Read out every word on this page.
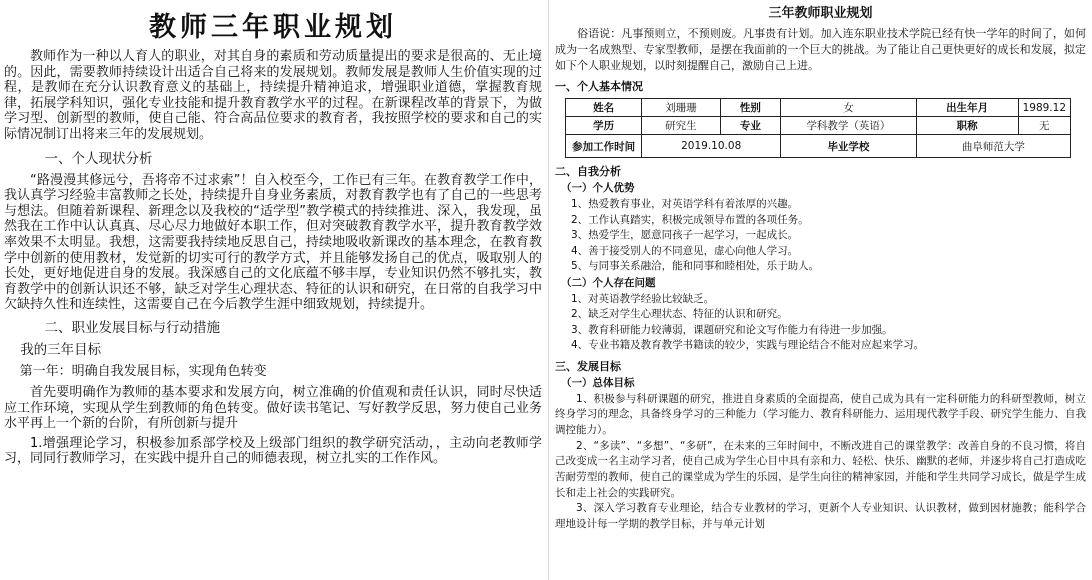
教师三年职业规划

教师作为一种以人育人的职业，对其自身的素质和劳动质量提出的要求是很高的、无止境的。因此，需要教师持续设计出适合自己将来的发展规划。教师发展是教师人生价值实现的过程，是教师在充分认识教育意义的基础上，持续提升精神追求，增强职业道德，掌握教育规律，拓展学科知识，强化专业技能和提升教育教学水平的过程。在新课程改革的背景下，为做学习型、创新型的教师，使自己能、符合高品位要求的教育者，我按照学校的要求和自己的实际情况制订出将来三年的发展规划。

一、个人现状分析

“路漫漫其修远兮，吾将帝不过求索”！自入校至今，工作已有三年。在教育教学工作中，我认真学习经验丰富教师之长处，持续提升自身业务素质，对教育教学也有了自己的一些思考与想法。但随着新课程、新理念以及我校的“适学型”教学模式的持续推进、深入，我发现，虽然我在工作中认认真真、尽心尽力地做好本职工作，但对突破教育教学水平，提升教育教学效率效果不太明显。我想，这需要我持续地反思自己，持续地吸收新课改的基本理念，在教育教学中创新的使用教材，发觉新的切实可行的教学方式，并且能够发扬自己的优点，吸取别人的长处，更好地促进自身的发展。我深感自己的文化底蕴不够丰厚，专业知识仍然不够扎实，教育教学中的创新认识还不够，缺乏对学生心理状态、特征的认识和研究，在日常的自我学习中欠缺持久性和连续性，这需要自己在今后教学生涯中细致规划，持续提升。

二、职业发展目标与行动措施
我的三年目标
第一年：明确自我发展目标，实现角色转变

首先要明确作为教师的基本要求和发展方向，树立准确的价值观和责任认识，同时尽快适应工作环境，实现从学生到教师的角色转变。做好读书笔记、写好教学反思，努力使自己业务水平再上一个新的台阶，有所创新与提升

1.增强理论学习，积极参加系部学校及上级部门组织的教学研究活动，，主动向老教师学习，同同行教师学习，在实践中提升自己的师德表现，树立扎实的工作作风。

三年教师职业规划

俗语说：凡事预则立，不预则废。凡事贵有计划。加入连东职业技术学院已经有快一学年的时间了，如何成为一名成熟型、专家型教师，是摆在我面前的一个巨大的挑战。为了能让自己更快更好的成长和发展，拟定如下个人职业规划，以时刻提醒自己，激励自己上进。

一、个人基本情况
姓名	刘珊珊	性别	女	出生年月	1989.12
学历	研究生	专业	学科教学（英语）	职称	无
参加工作时间	2019.10.08		毕业学校	曲阜师范大学	
二、自我分析
（一）个人优势

1、热爱教育事业，对英语学科有着浓厚的兴趣。

2、工作认真踏实，积极完成领导布置的各项任务。

3、热爱学生，愿意同孩子一起学习，一起成长。

4、善于接受别人的不同意见，虚心向他人学习。

5、与同事关系融洽，能和同事和睦相处，乐于助人。

（二）个人存在问题

1、对英语教学经验比较缺乏。

2、缺乏对学生心理状态、特征的认识和研究。

3、教育科研能力较薄弱，课题研究和论文写作能力有待进一步加强。

4、专业书籍及教育教学书籍读的较少，实践与理论结合不能对应起来学习。

三、发展目标
（一）总体目标

1、积极参与科研课题的研究，推进自身素质的全面提高，使自己成为具有一定科研能力的科研型教师，树立终身学习的理念，具备终身学习的三种能力（学习能力、教育科研能力、运用现代教学手段、研究学生能力、自我调控能力）。

2、“多读”、“多想”、“多研”，在未来的三年时间中，不断改进自己的课堂教学：改善自身的不良习惯，将自己改变成一名主动学习者，使自己成为学生心目中具有亲和力、轻松、快乐、幽默的老师，并逐步将自己打造成吃苦耐劳型的教师，使自己的课堂成为学生的乐园，是学生向往的精神家园，并能和学生共同学习成长，做是学生成长和走上社会的实践研究。

3、深入学习教育专业理论，结合专业教材的学习，更新个人专业知识、认识教材，做到因材施教；能科学合理地设计每一学期的教学目标，并与单元计划
